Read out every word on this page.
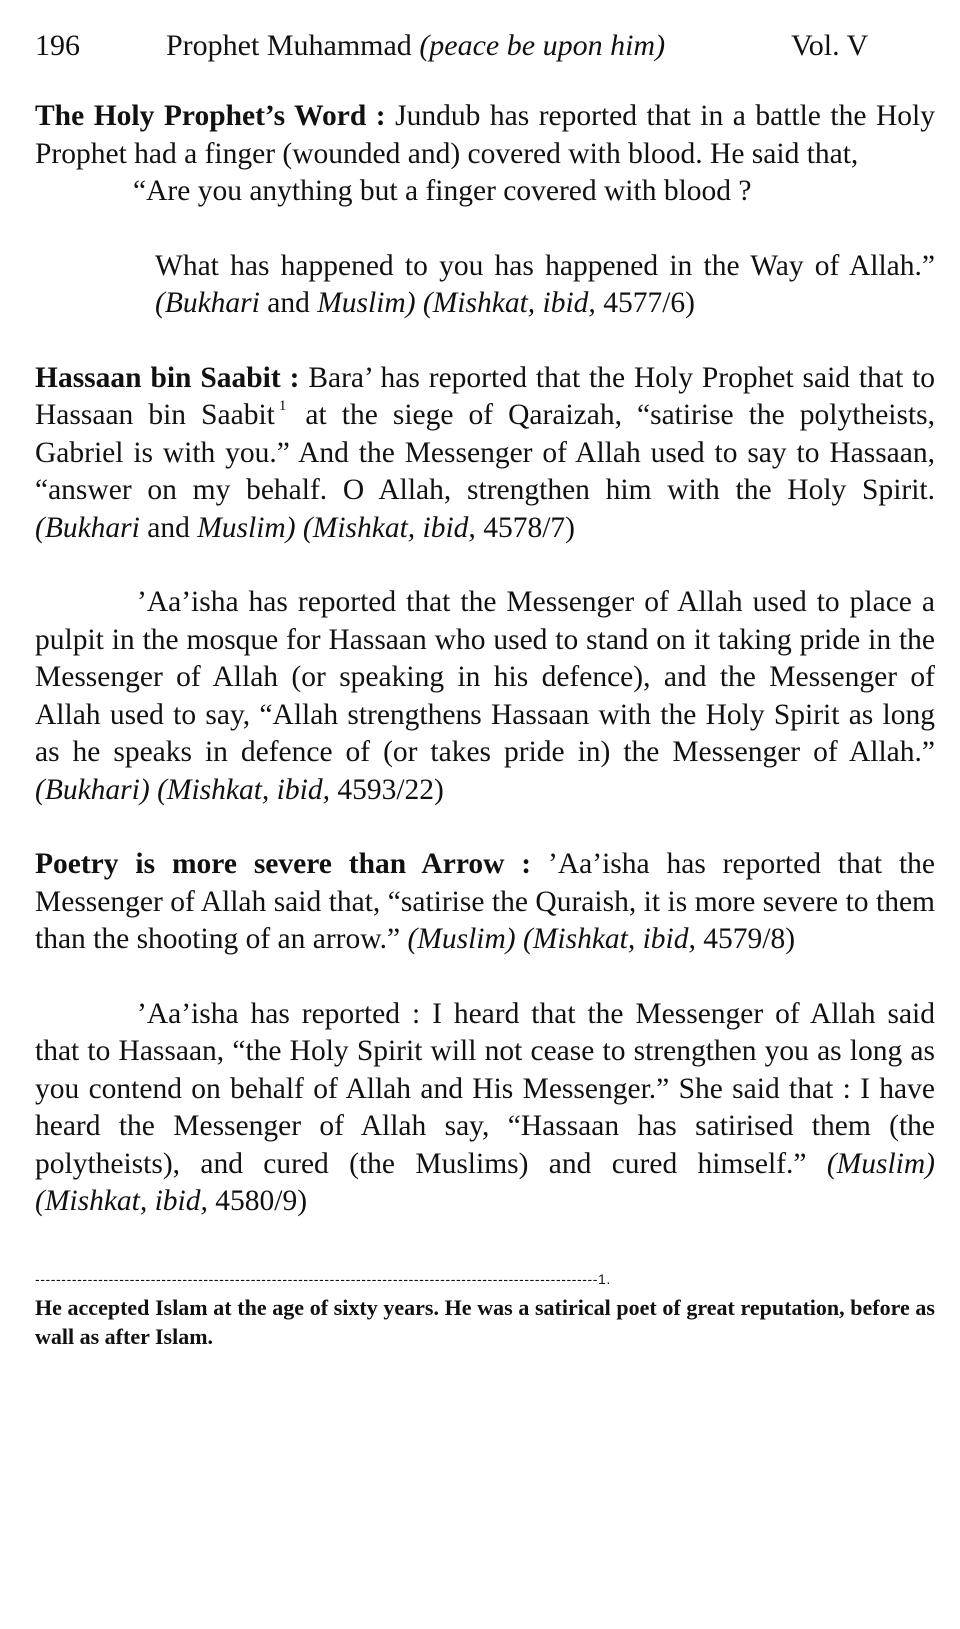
196	Prophet Muhammad (peace be upon him)	Vol. V

The Holy Prophet’s Word : Jundub has reported that in a battle the Holy Prophet had a finger (wounded and) covered with blood. He said that,

“Are you anything but a finger covered with blood ?

What has happened to you has happened in the Way of Allah.” (Bukhari and Muslim) (Mishkat, ibid, 4577/6)

Hassaan bin Saabit : Bara’ has reported that the Holy Prophet said that to Hassaan bin Saabit $^1$ at the siege of Qaraizah, “satirise the polytheists, Gabriel is with you.” And the Messenger of Allah used to say to Hassaan, “answer on my behalf. O Allah, strengthen him with the Holy Spirit. (Bukhari and Muslim) (Mishkat, ibid, 4578/7)

’Aa’isha has reported that the Messenger of Allah used to place a pulpit in the mosque for Hassaan who used to stand on it taking pride in the Messenger of Allah (or speaking in his defence), and the Messenger of Allah used to say, “Allah strengthens Hassaan with the Holy Spirit as long as he speaks in defence of (or takes pride in) the Messenger of Allah.” (Bukhari) (Mishkat, ibid, 4593/22)

Poetry is more severe than Arrow : ’Aa’isha has reported that the Messenger of Allah said that, “satirise the Quraish, it is more severe to them than the shooting of an arrow.” (Muslim) (Mishkat, ibid, 4579/8)

’Aa’isha has reported : I heard that the Messenger of Allah said that to Hassaan, “the Holy Spirit will not cease to strengthen you as long as you contend on behalf of Allah and His Messenger.” She said that : I have heard the Messenger of Allah say, “Hassaan has satirised them (the polytheists), and cured (the Muslims) and cured himself.” (Muslim) (Mishkat, ibid, 4580/9)

-----------------------------------------------------------------------------------------------------------1.

He accepted Islam at the age of sixty years. He was a satirical poet of great reputation, before as wall as after Islam.
